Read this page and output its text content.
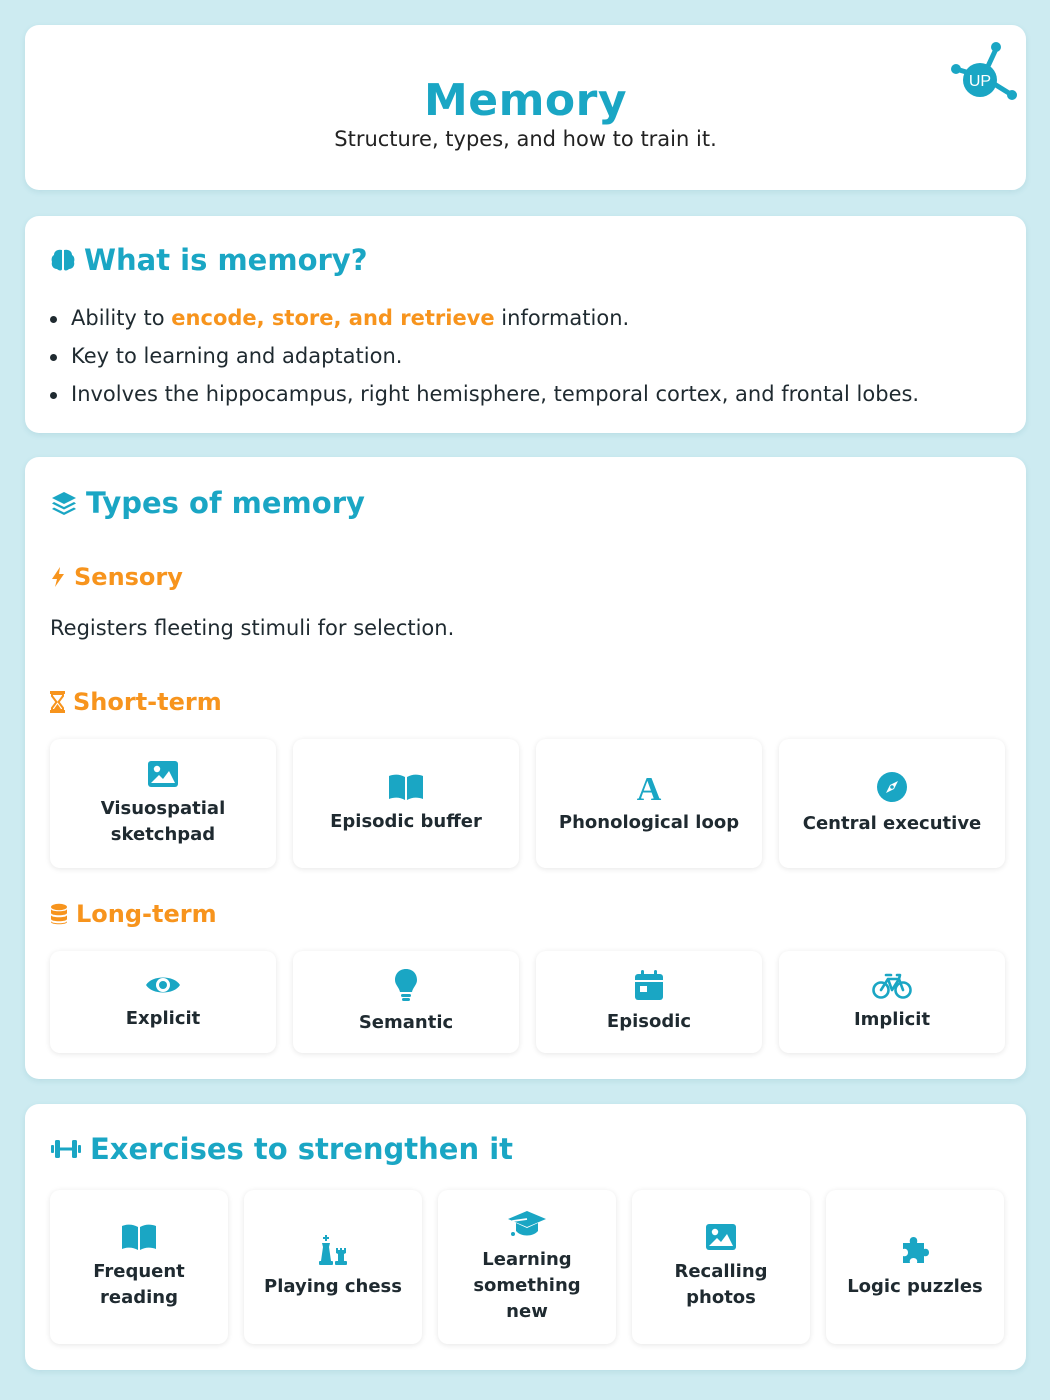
Memory
Structure, types, and how to train it.
UP
What is memory?
Ability to encode, store, and retrieve information.
Key to learning and adaptation.
Involves the hippocampus, right hemisphere, temporal cortex, and frontal lobes.
Types of memory
Sensory
Registers fleeting stimuli for selection.
Short-term
Visuospatial sketchpad
Episodic buffer
A
Phonological loop	Central executive
Long-term
Explicit	Semantic	Episodic	Implicit
Exercises to strengthen it
Frequent reading
Playing chess
Learning something new
Recalling photos
Logic puzzles
